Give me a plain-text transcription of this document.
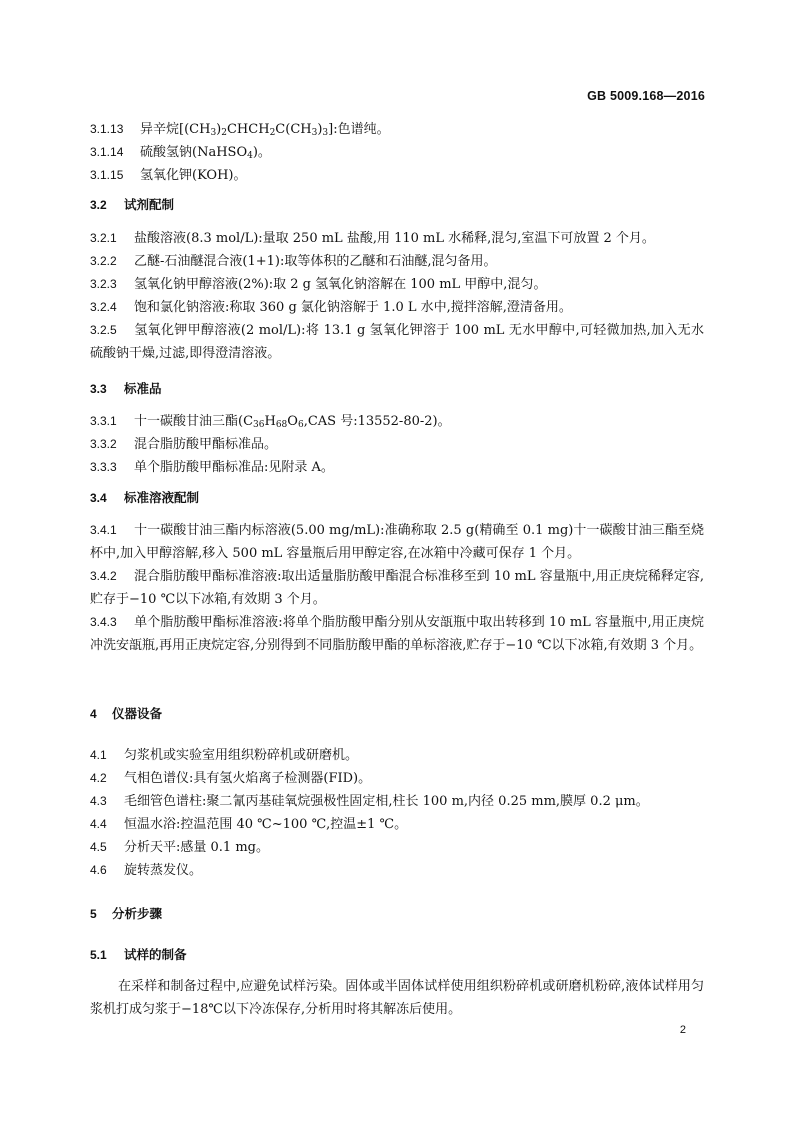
GB 5009.168—2016
3.1.13 异辛烷$[(CH_3)_2CHCH_2C(CH_3)_3]$:色谱纯。
3.1.14 硫酸氢钠(NaHSO$_4$)。
3.1.15 氢氧化钾(KOH)。
3.2 试剂配制
3.2.1 盐酸溶液(8.3 mol/L):量取 250 mL 盐酸,用 110 mL 水稀释,混匀,室温下可放置 2 个月。
3.2.2 乙醚-石油醚混合液(1+1):取等体积的乙醚和石油醚,混匀备用。
3.2.3 氢氧化钠甲醇溶液(2%):取 2 g 氢氧化钠溶解在 100 mL 甲醇中,混匀。
3.2.4 饱和氯化钠溶液:称取 360 g 氯化钠溶解于 1.0 L 水中,搅拌溶解,澄清备用。
3.2.5 氢氧化钾甲醇溶液(2 mol/L):将 13.1 g 氢氧化钾溶于 100 mL 无水甲醇中,可轻微加热,加入无水硫酸钠干燥,过滤,即得澄清溶液。
3.3 标准品
3.3.1 十一碳酸甘油三酯($C_{36}H_{68}O_6,CAS$ 号:13552-80-2)。
3.3.2 混合脂肪酸甲酯标准品。
3.3.3 单个脂肪酸甲酯标准品:见附录 A。
3.4 标准溶液配制
3.4.1 十一碳酸甘油三酯内标溶液(5.00 mg/mL):准确称取 2.5 g(精确至 0.1 mg)十一碳酸甘油三酯至烧杯中,加入甲醇溶解,移入 500 mL 容量瓶后用甲醇定容,在冰箱中冷藏可保存 1 个月。
3.4.2 混合脂肪酸甲酯标准溶液:取出适量脂肪酸甲酯混合标准移至到 10 mL 容量瓶中,用正庚烷稀释定容,贮存于−10 ℃以下冰箱,有效期 3 个月。
3.4.3 单个脂肪酸甲酯标准溶液:将单个脂肪酸甲酯分别从安瓿瓶中取出转移到 10 mL 容量瓶中,用正庚烷冲洗安瓿瓶,再用正庚烷定容,分别得到不同脂肪酸甲酯的单标溶液,贮存于−10 ℃以下冰箱,有效期 3 个月。
4 仪器设备
4.1 匀浆机或实验室用组织粉碎机或研磨机。
4.2 气相色谱仪:具有氢火焰离子检测器(FID)。
4.3 毛细管色谱柱:聚二氰丙基硅氧烷强极性固定相,柱长 100 m,内径 0.25 mm,膜厚 0.2 μm。
4.4 恒温水浴:控温范围 40 ℃~100 ℃,控温±1 ℃。
4.5 分析天平:感量 0.1 mg。
4.6 旋转蒸发仪。
5 分析步骤
5.1 试样的制备
在采样和制备过程中,应避免试样污染。固体或半固体试样使用组织粉碎机或研磨机粉碎,液体试样用匀浆机打成匀浆于−18℃以下冷冻保存,分析用时将其解冻后使用。
2
